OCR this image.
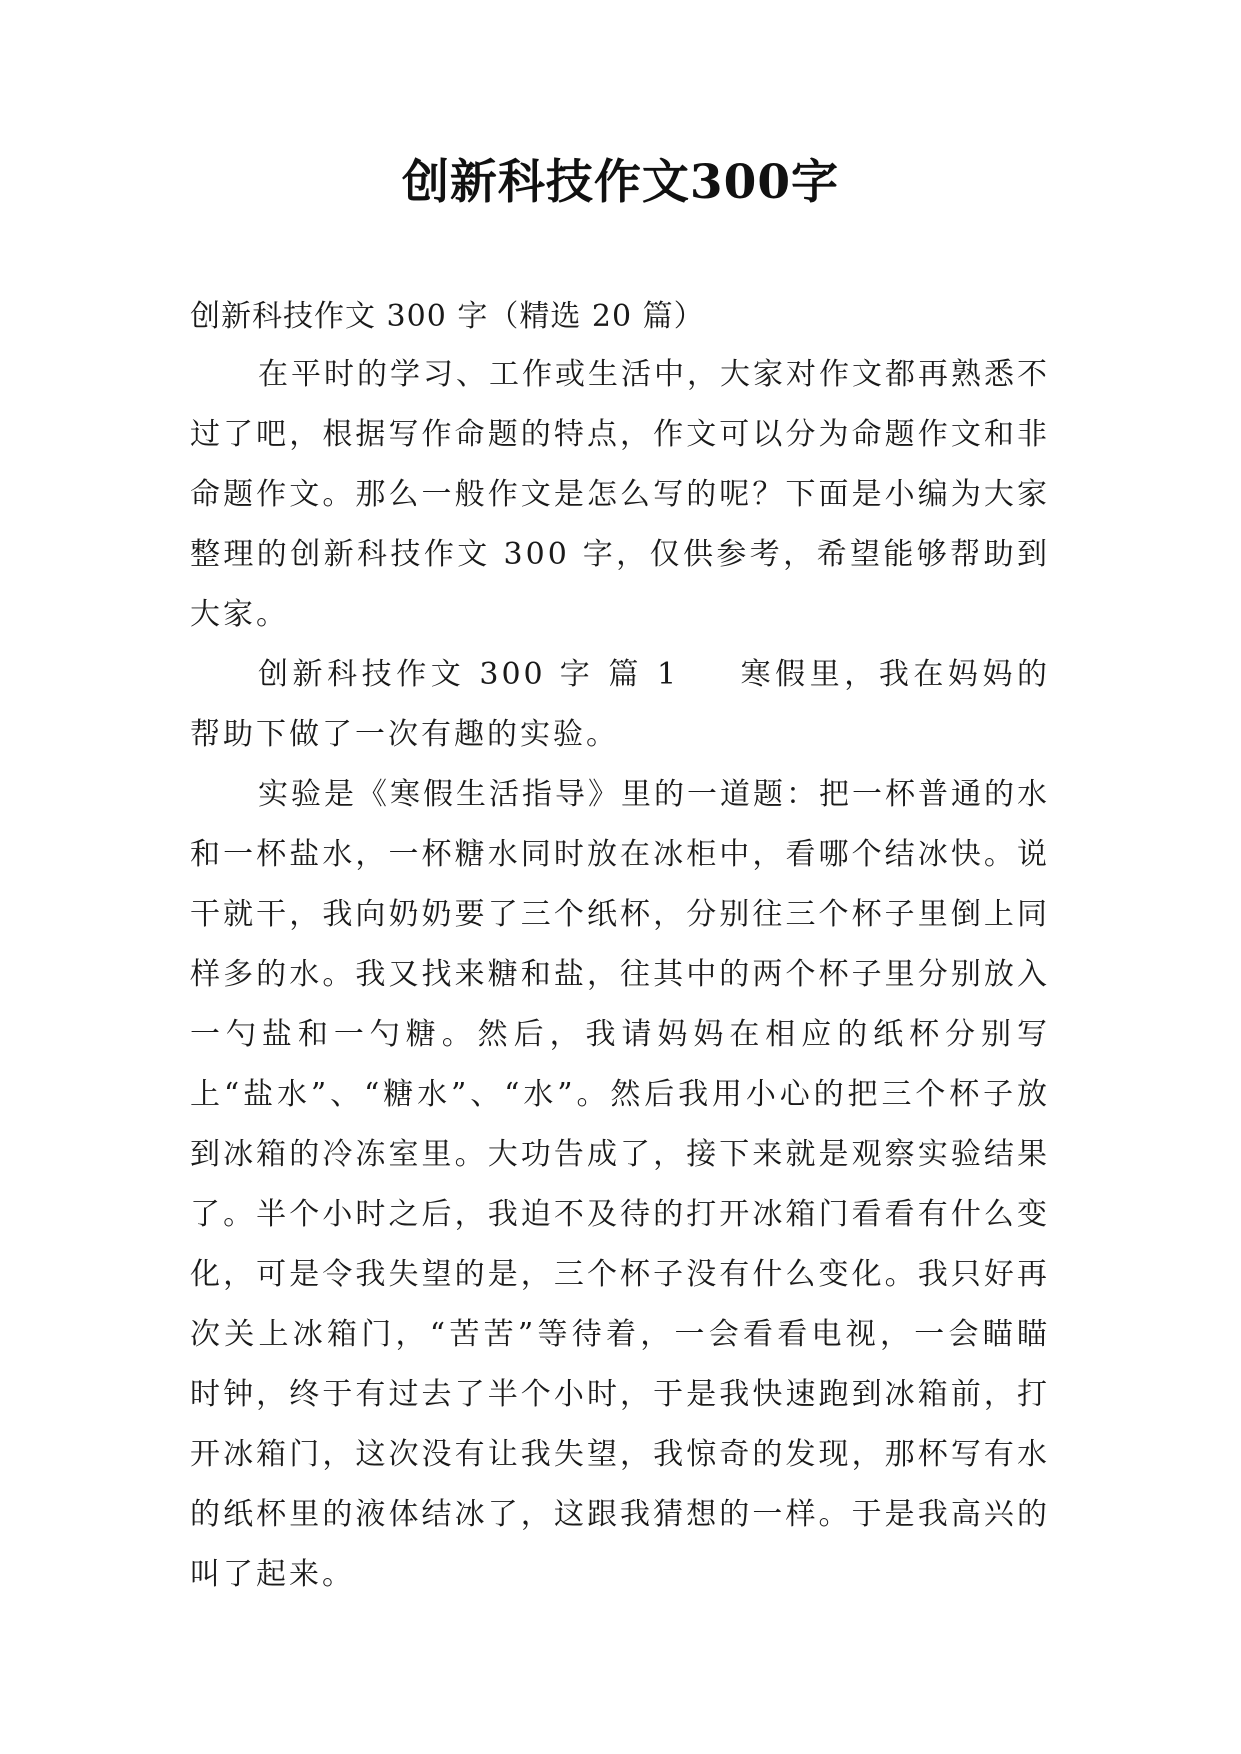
创新科技作文300字

创新科技作文 300 字（精选 20 篇）

在平时的学习、工作或生活中，大家对作文都再熟悉不过了吧，根据写作命题的特点，作文可以分为命题作文和非命题作文。那么一般作文是怎么写的呢？下面是小编为大家整理的创新科技作文 300 字，仅供参考，希望能够帮助到大家。

创新科技作文 300 字 篇 1 寒假里，我在妈妈的帮助下做了一次有趣的实验。

实验是《寒假生活指导》里的一道题：把一杯普通的水和一杯盐水，一杯糖水同时放在冰柜中，看哪个结冰快。说干就干，我向奶奶要了三个纸杯，分别往三个杯子里倒上同样多的水。我又找来糖和盐，往其中的两个杯子里分别放入一勺盐和一勺糖。然后，我请妈妈在相应的纸杯分别写上“盐水”、“糖水”、“水”。然后我用小心的把三个杯子放到冰箱的冷冻室里。大功告成了，接下来就是观察实验结果了。半个小时之后，我迫不及待的打开冰箱门看看有什么变化，可是令我失望的是，三个杯子没有什么变化。我只好再次关上冰箱门，“苦苦”等待着，一会看看电视，一会瞄瞄时钟，终于有过去了半个小时，于是我快速跑到冰箱前，打开冰箱门，这次没有让我失望，我惊奇的发现，那杯写有水的纸杯里的液体结冰了，这跟我猜想的一样。于是我高兴的叫了起来。
